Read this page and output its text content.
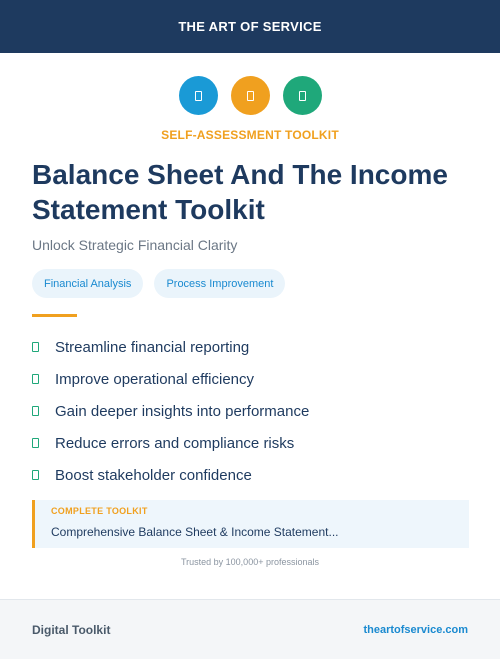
THE ART OF SERVICE
SELF-ASSESSMENT TOOLKIT
Balance Sheet And The Income Statement Toolkit
Unlock Strategic Financial Clarity
Financial Analysis	Process Improvement
Streamline financial reporting
Improve operational efficiency
Gain deeper insights into performance
Reduce errors and compliance risks
Boost stakeholder confidence
COMPLETE TOOLKIT
Comprehensive Balance Sheet & Income Statement...
Trusted by 100,000+ professionals
Digital Toolkit	theartofservice.com
